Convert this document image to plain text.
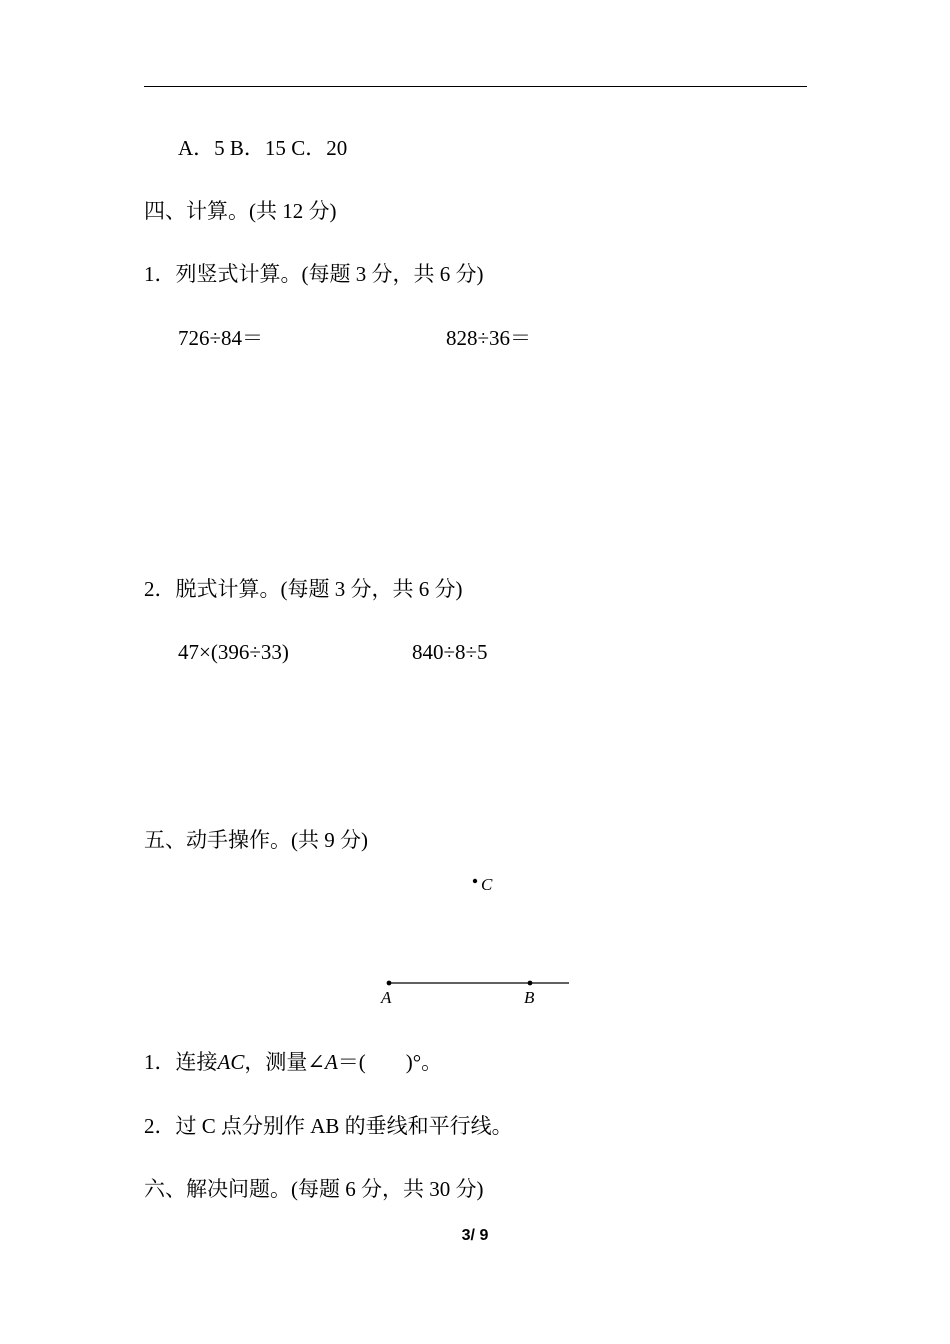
A．5 B．15 C．20
四、计算。(共 12 分)
1．列竖式计算。(每题 3 分，共 6 分)
726÷84＝	828÷36＝
2．脱式计算。(每题 3 分，共 6 分)
47×(396÷33)	840÷8÷5
五、动手操作。(共 9 分)
C
A	B
1．连接AC，测量∠A＝( )°。
2．过 C 点分别作 AB 的垂线和平行线。
六、解决问题。(每题 6 分，共 30 分)
3/ 9
